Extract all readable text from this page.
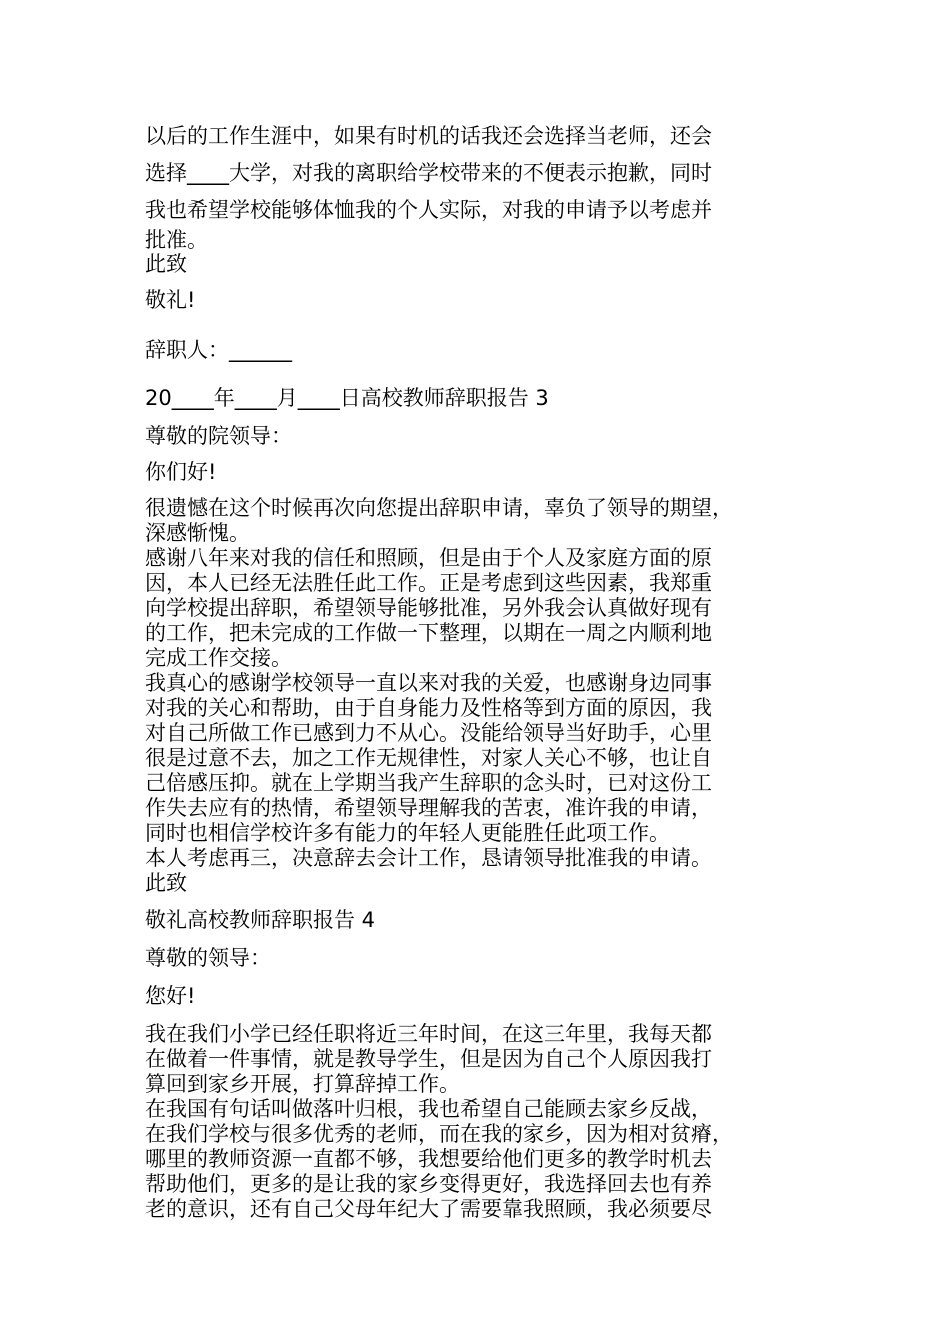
以后的工作生涯中，如果有时机的话我还会选择当老师，还会
选择____大学，对我的离职给学校带来的不便表示抱歉，同时
我也希望学校能够体恤我的个人实际，对我的申请予以考虑并

批准。

此致

敬礼!

辞职人：______

20____年____月____日高校教师辞职报告 3

尊敬的院领导：

你们好!

很遗憾在这个时候再次向您提出辞职申请，辜负了领导的期望，
深感惭愧。
感谢八年来对我的信任和照顾，但是由于个人及家庭方面的原
因，本人已经无法胜任此工作。正是考虑到这些因素，我郑重
向学校提出辞职，希望领导能够批准，另外我会认真做好现有
的工作，把未完成的工作做一下整理，以期在一周之内顺利地
完成工作交接。
我真心的感谢学校领导一直以来对我的关爱，也感谢身边同事
对我的关心和帮助，由于自身能力及性格等到方面的原因，我
对自己所做工作已感到力不从心。没能给领导当好助手，心里
很是过意不去，加之工作无规律性，对家人关心不够，也让自
己倍感压抑。就在上学期当我产生辞职的念头时，已对这份工
作失去应有的热情，希望领导理解我的苦衷，准许我的申请，
同时也相信学校许多有能力的年轻人更能胜任此项工作。
本人考虑再三，决意辞去会计工作，恳请领导批准我的申请。
此致

敬礼高校教师辞职报告 4

尊敬的领导：

您好!

我在我们小学已经任职将近三年时间，在这三年里，我每天都
在做着一件事情，就是教导学生，但是因为自己个人原因我打
算回到家乡开展，打算辞掉工作。
在我国有句话叫做落叶归根，我也希望自己能顾去家乡反战，
在我们学校与很多优秀的老师，而在我的家乡，因为相对贫瘠，
哪里的教师资源一直都不够，我想要给他们更多的教学时机去
帮助他们，更多的是让我的家乡变得更好，我选择回去也有养
老的意识，还有自己父母年纪大了需要靠我照顾，我必须要尽
